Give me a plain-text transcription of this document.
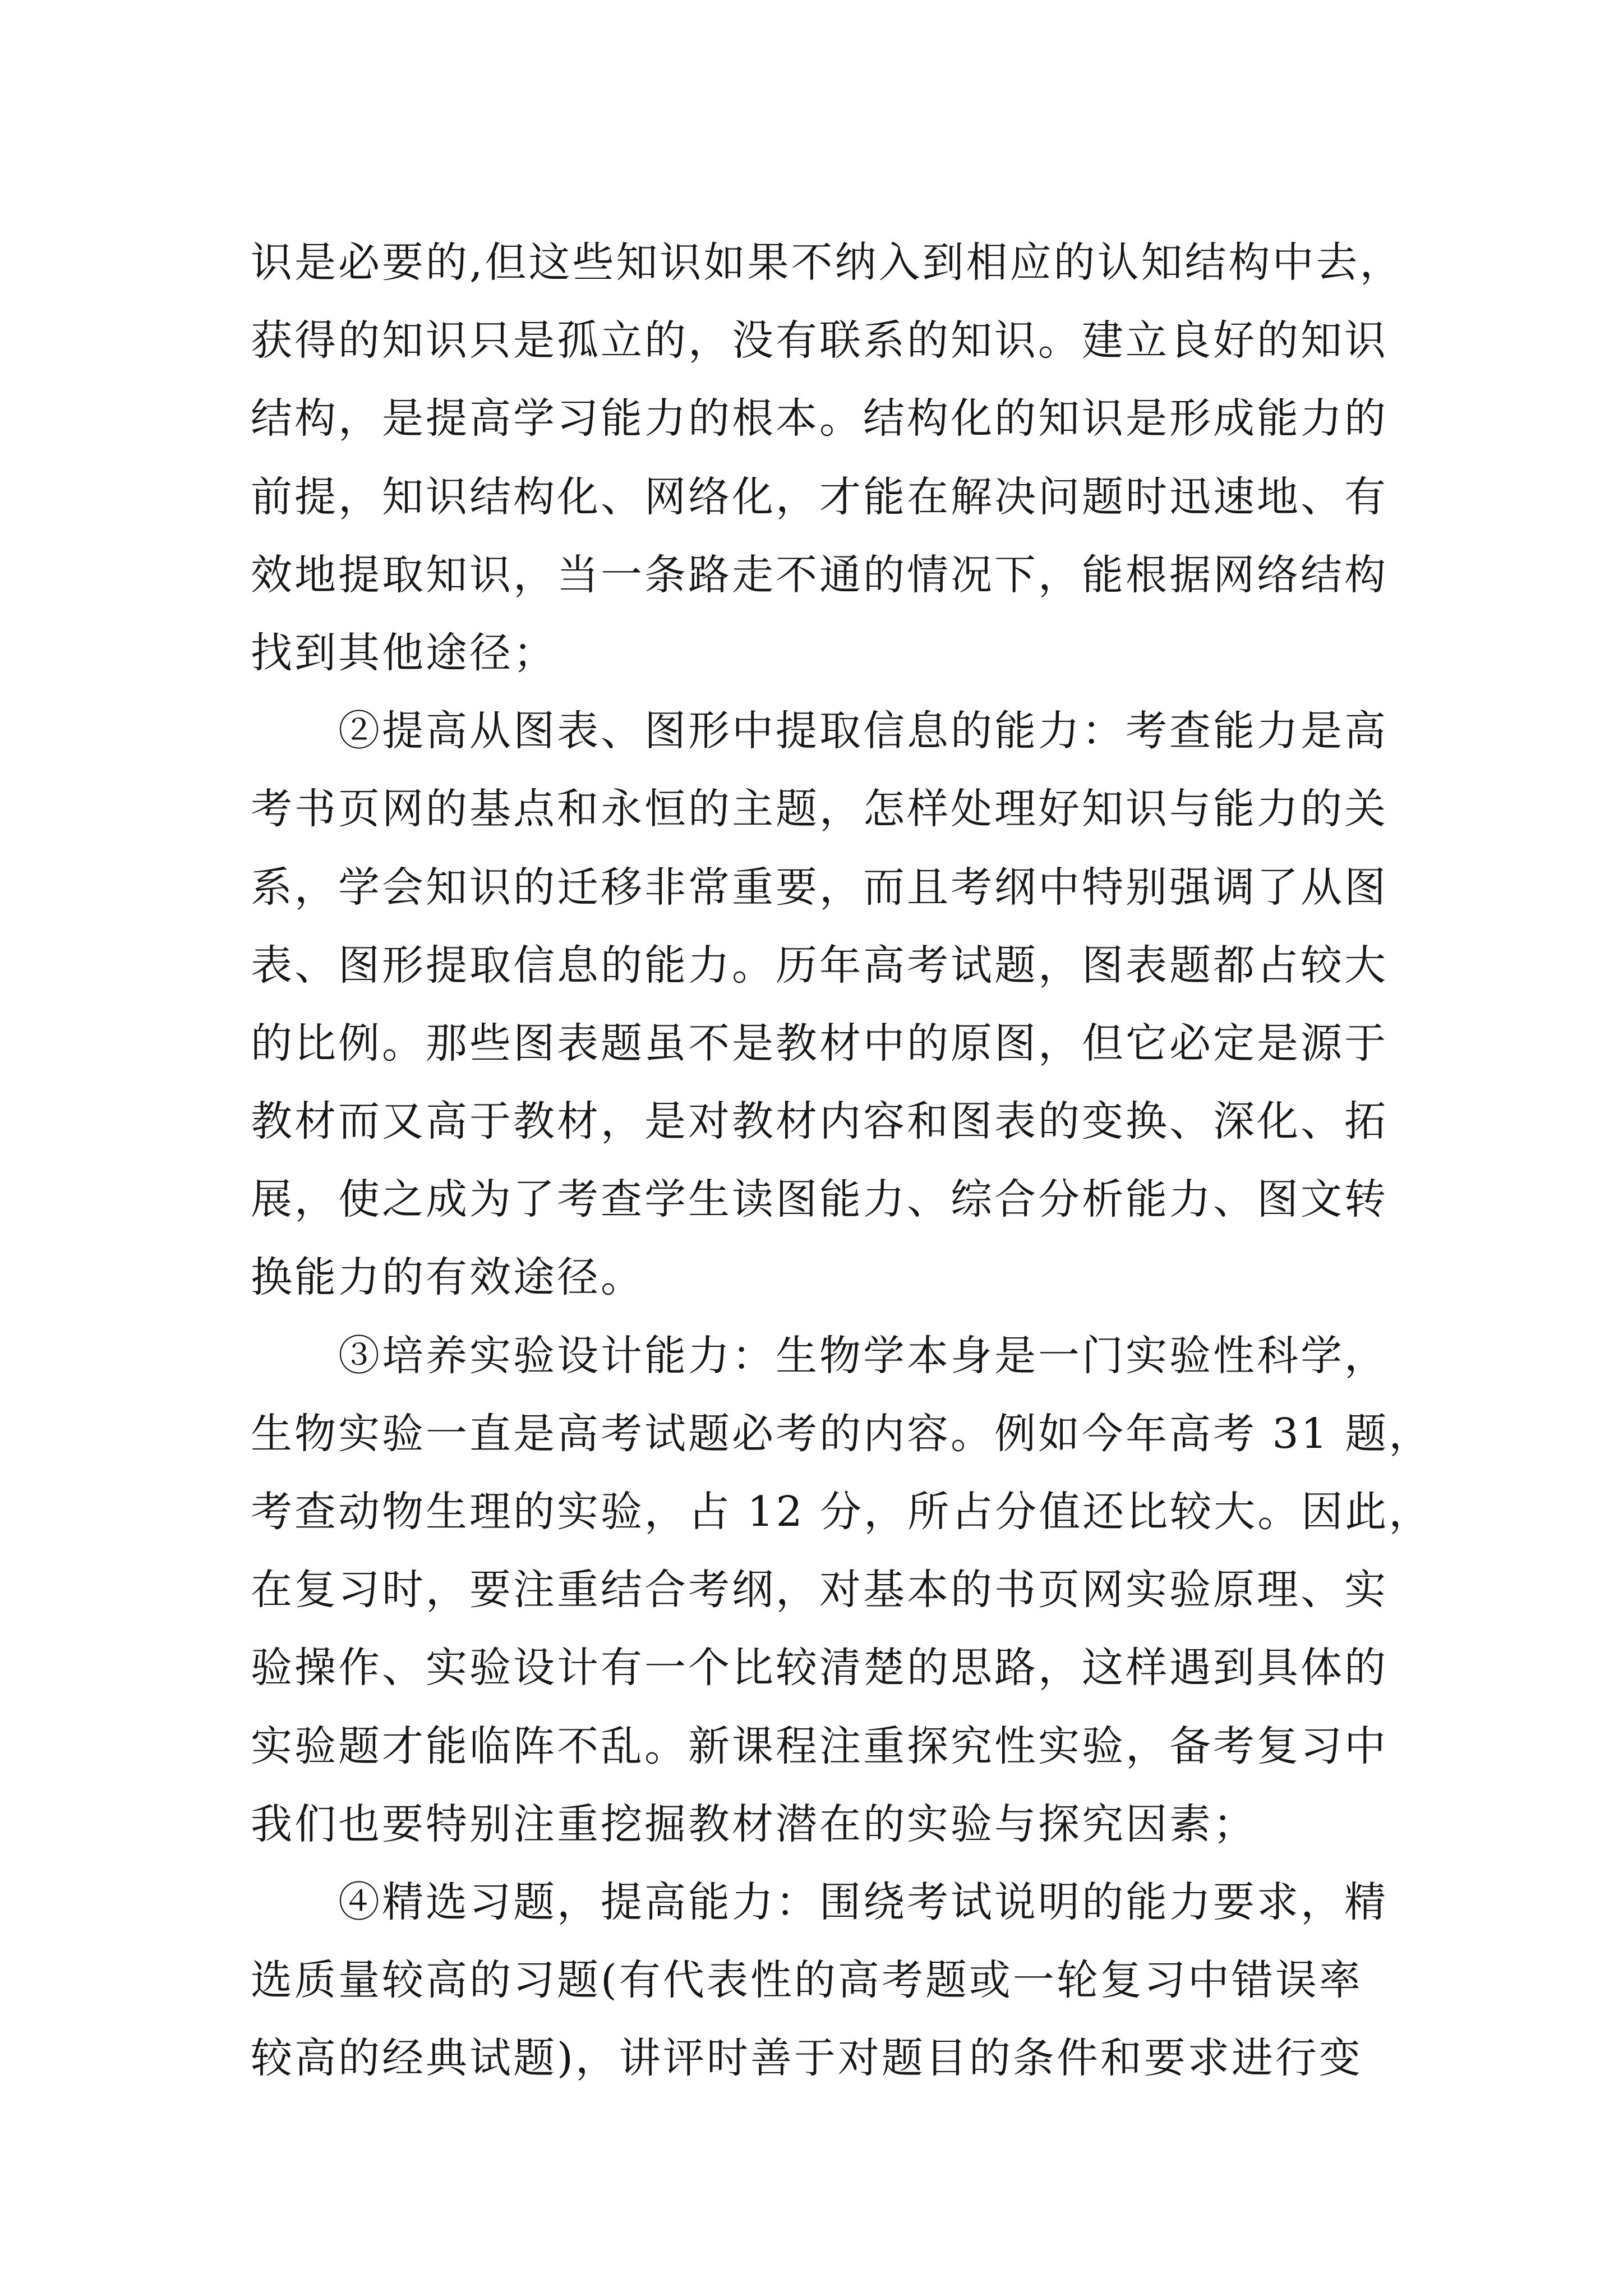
识是必要的,但这些知识如果不纳入到相应的认知结构中去，
获得的知识只是孤立的，没有联系的知识。建立良好的知识
结构，是提高学习能力的根本。结构化的知识是形成能力的
前提，知识结构化、网络化，才能在解决问题时迅速地、有
效地提取知识，当一条路走不通的情况下，能根据网络结构
找到其他途径；
②提高从图表、图形中提取信息的能力：考查能力是高
考书页网的基点和永恒的主题，怎样处理好知识与能力的关
系，学会知识的迁移非常重要，而且考纲中特别强调了从图
表、图形提取信息的能力。历年高考试题，图表题都占较大
的比例。那些图表题虽不是教材中的原图，但它必定是源于
教材而又高于教材，是对教材内容和图表的变换、深化、拓
展，使之成为了考查学生读图能力、综合分析能力、图文转
换能力的有效途径。
③培养实验设计能力：生物学本身是一门实验性科学，
生物实验一直是高考试题必考的内容。例如今年高考 31 题，
考查动物生理的实验，占 12 分，所占分值还比较大。因此，
在复习时，要注重结合考纲，对基本的书页网实验原理、实
验操作、实验设计有一个比较清楚的思路，这样遇到具体的
实验题才能临阵不乱。新课程注重探究性实验，备考复习中
我们也要特别注重挖掘教材潜在的实验与探究因素；
④精选习题，提高能力：围绕考试说明的能力要求，精
选质量较高的习题(有代表性的高考题或一轮复习中错误率
较高的经典试题)，讲评时善于对题目的条件和要求进行变
